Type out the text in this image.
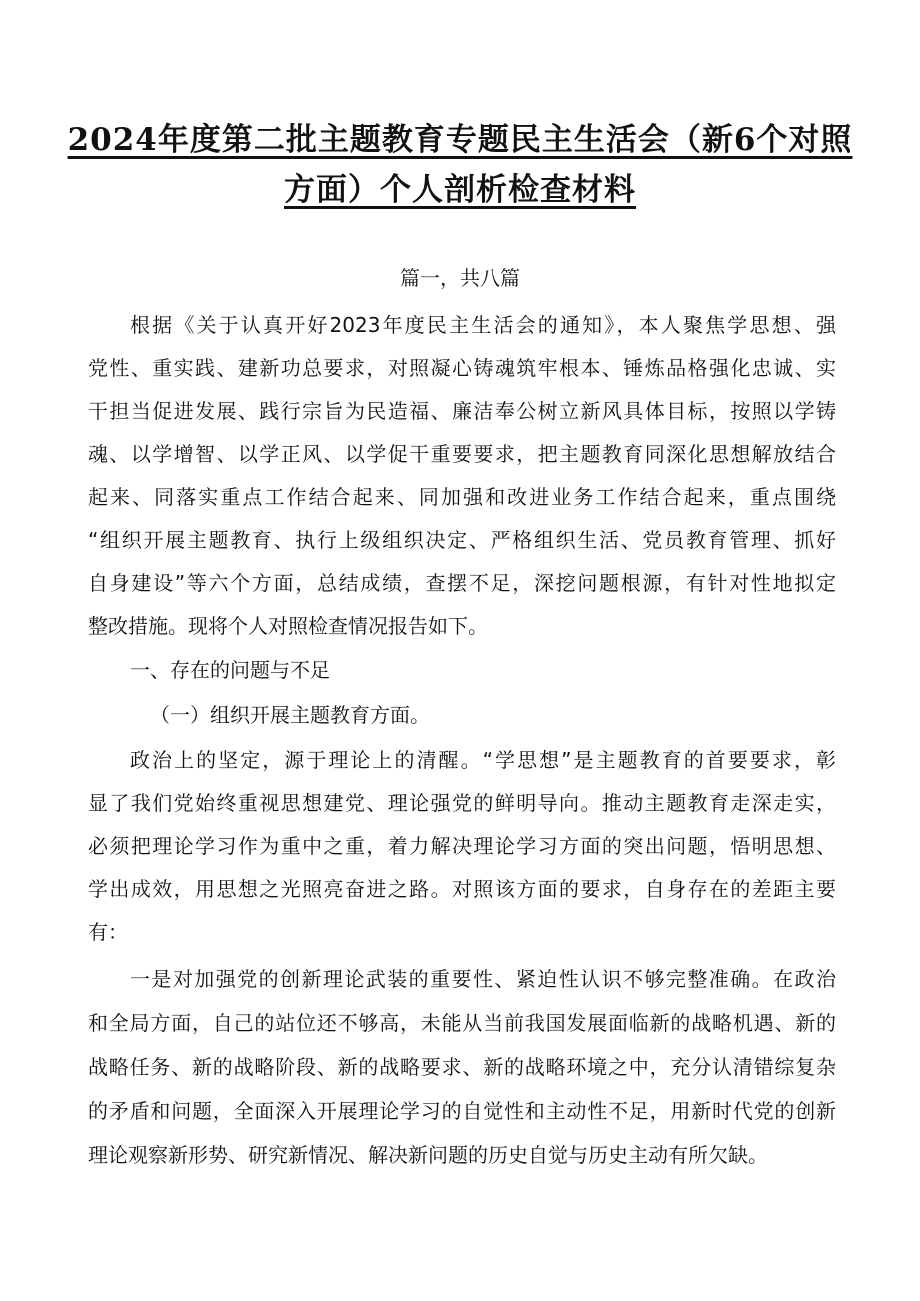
2024年度第二批主题教育专题民主生活会（新6个对照
方面）个人剖析检查材料
篇一，共八篇
根据《关于认真开好2023年度民主生活会的通知》，本人聚焦学思想、强
党性、重实践、建新功总要求，对照凝心铸魂筑牢根本、锤炼品格强化忠诚、实
干担当促进发展、践行宗旨为民造福、廉洁奉公树立新风具体目标，按照以学铸
魂、以学增智、以学正风、以学促干重要要求，把主题教育同深化思想解放结合
起来、同落实重点工作结合起来、同加强和改进业务工作结合起来，重点围绕
“组织开展主题教育、执行上级组织决定、严格组织生活、党员教育管理、抓好
自身建设”等六个方面，总结成绩，查摆不足，深挖问题根源，有针对性地拟定
整改措施。现将个人对照检查情况报告如下。
一、存在的问题与不足
（一）组织开展主题教育方面。
政治上的坚定，源于理论上的清醒。“学思想”是主题教育的首要要求，彰
显了我们党始终重视思想建党、理论强党的鲜明导向。推动主题教育走深走实，
必须把理论学习作为重中之重，着力解决理论学习方面的突出问题，悟明思想、
学出成效，用思想之光照亮奋进之路。对照该方面的要求，自身存在的差距主要
有：
一是对加强党的创新理论武装的重要性、紧迫性认识不够完整准确。在政治
和全局方面，自己的站位还不够高，未能从当前我国发展面临新的战略机遇、新的
战略任务、新的战略阶段、新的战略要求、新的战略环境之中，充分认清错综复杂
的矛盾和问题，全面深入开展理论学习的自觉性和主动性不足，用新时代党的创新
理论观察新形势、研究新情况、解决新问题的历史自觉与历史主动有所欠缺。
